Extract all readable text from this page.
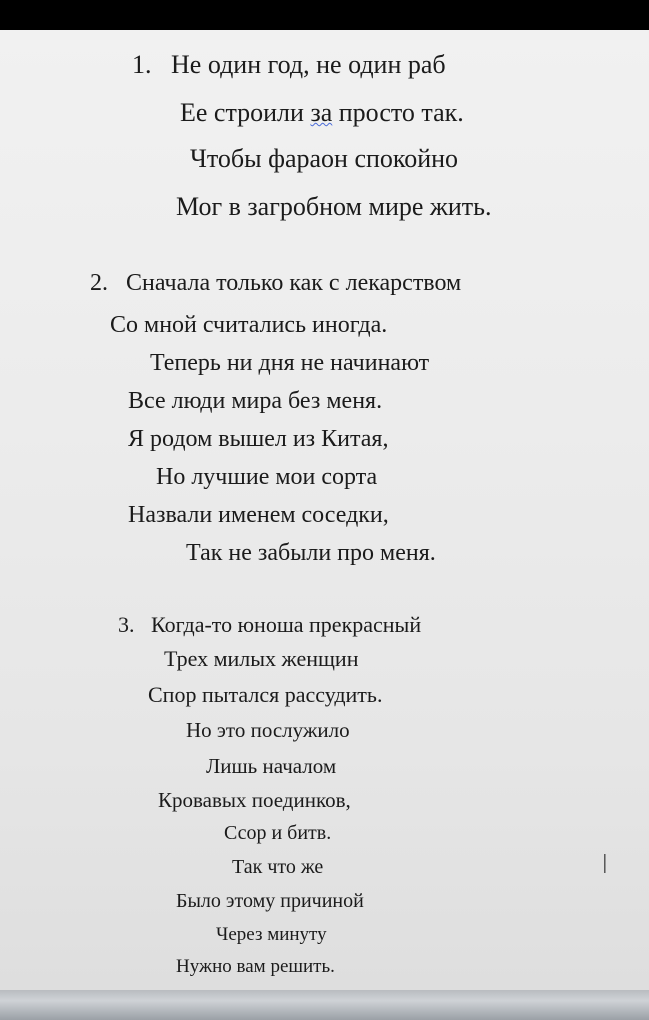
1. Не один год, не один раб
Ее строили за просто так.
Чтобы фараон спокойно
Мог в загробном мире жить.
2. Сначала только как с лекарством
Со мной считались иногда.
Теперь ни дня не начинают
Все люди мира без меня.
Я родом вышел из Китая,
Но лучшие мои сорта
Назвали именем соседки,
Так не забыли про меня.
3. Когда-то юноша прекрасный
Трех милых женщин
Спор пытался рассудить.
Но это послужило
Лишь началом
Кровавых поединков,
Ссор и битв.
Так что же
Было этому причиной
Через минуту
Нужно вам решить.
I
